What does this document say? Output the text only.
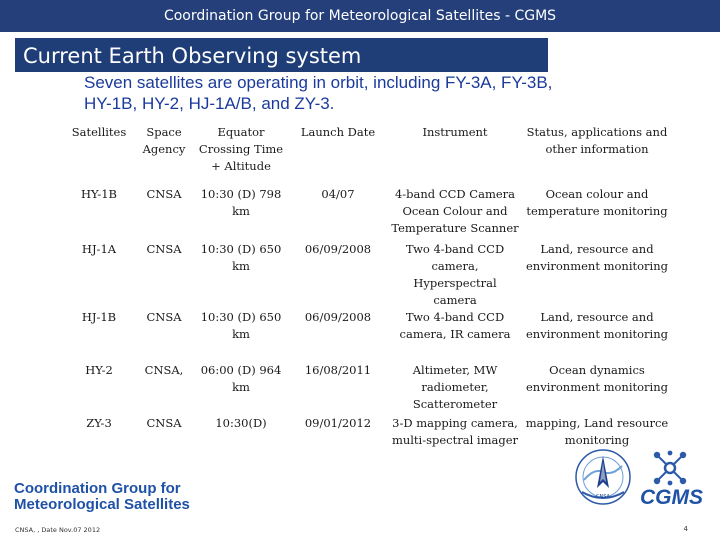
Coordination Group for Meteorological Satellites - CGMS
Current Earth Observing system
Seven satellites are operating in orbit, including FY-3A, FY-3B,
HY-1B, HY-2, HJ-1A/B, and ZY-3.
Satellites	Space Agency	Equator Crossing Time + Altitude	Launch Date	Instrument	Status, applications and other information
HY-1B	CNSA	10:30 (D) 798 km	04/07	4-band CCD Camera Ocean Colour and Temperature Scanner	Ocean colour and temperature monitoring
HJ-1A	CNSA	10:30 (D) 650 km	06/09/2008	Two 4-band CCD camera, Hyperspectral camera	Land, resource and environment monitoring
HJ-1B	CNSA	10:30 (D) 650 km	06/09/2008	Two 4-band CCD camera, IR camera	Land, resource and environment monitoring
HY-2	CNSA,	06:00 (D) 964 km	16/08/2011	Altimeter, MW radiometer, Scatterometer	Ocean dynamics environment monitoring
ZY-3	CNSA	10:30(D)	09/01/2012	3-D mapping camera, multi-spectral imager	mapping, Land resource monitoring
Coordination Group for
Meteorological Satellites
CNSA, , Date Nov.07 2012	4
CNSA CGMS
